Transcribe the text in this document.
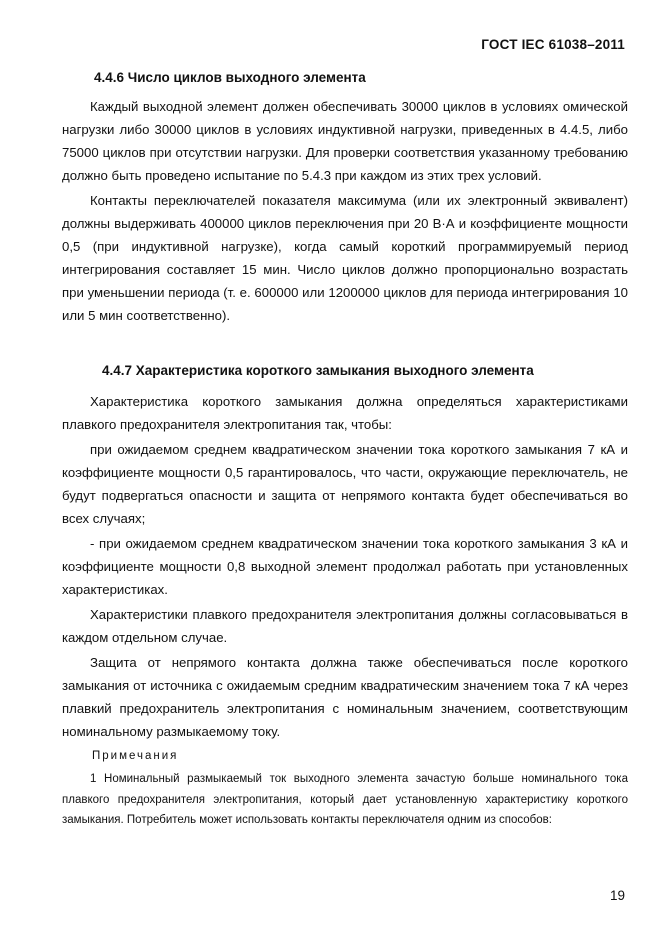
ГОСТ IEC 61038–2011
4.4.6 Число циклов выходного элемента

Каждый выходной элемент должен обеспечивать 30000 циклов в условиях омической нагрузки либо 30000 циклов в условиях индуктивной нагрузки, приведенных в 4.4.5, либо 75000 циклов при отсутствии нагрузки. Для проверки соответствия указанному требованию должно быть проведено испытание по 5.4.3 при каждом из этих трех условий.

Контакты переключателей показателя максимума (или их электронный эквивалент) должны выдерживать 400000 циклов переключения при 20 В·А и коэффициенте мощности 0,5 (при индуктивной нагрузке), когда самый короткий программируемый период интегрирования составляет 15 мин. Число циклов должно пропорционально возрастать при уменьшении периода (т. е. 600000 или 1200000 циклов для периода интегрирования 10 или 5 мин соответственно).

4.4.7 Характеристика короткого замыкания выходного элемента

Характеристика короткого замыкания должна определяться характеристиками плавкого предохранителя электропитания так, чтобы:

при ожидаемом среднем квадратическом значении тока короткого замыкания 7 кА и коэффициенте мощности 0,5 гарантировалось, что части, окружающие переключатель, не будут подвергаться опасности и защита от непрямого контакта будет обеспечиваться во всех случаях;

- при ожидаемом среднем квадратическом значении тока короткого замыкания 3 кА и коэффициенте мощности 0,8 выходной элемент продолжал работать при установленных характеристиках.

Характеристики плавкого предохранителя электропитания должны согласовываться в каждом отдельном случае.

Защита от непрямого контакта должна также обеспечиваться после короткого замыкания от источника с ожидаемым средним квадратическим значением тока 7 кА через плавкий предохранитель электропитания с номинальным значением, соответствующим номинальному размыкаемому току.

Примечания

1 Номинальный размыкаемый ток выходного элемента зачастую больше номинального тока плавкого предохранителя электропитания, который дает установленную характеристику короткого замыкания. Потребитель может использовать контакты переключателя одним из способов:

19
